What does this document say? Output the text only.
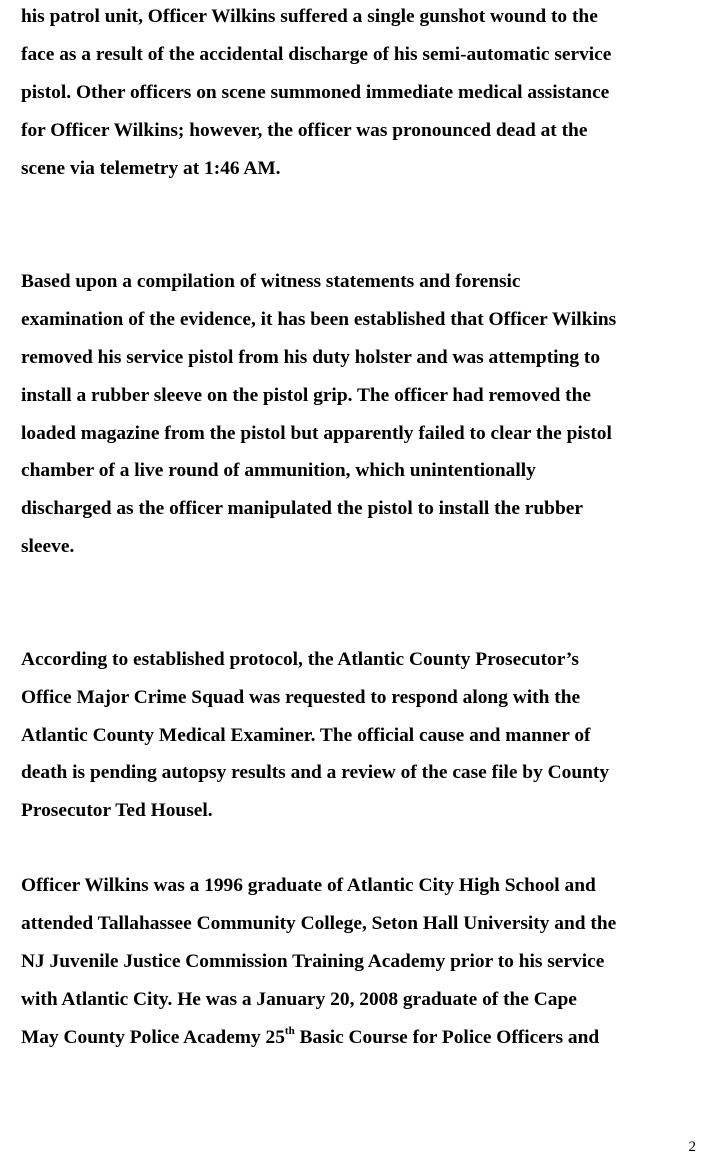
his patrol unit, Officer Wilkins suffered a single gunshot wound to the
face as a result of the accidental discharge of his semi-automatic service
pistol. Other officers on scene summoned immediate medical assistance
for Officer Wilkins; however, the officer was pronounced dead at the
scene via telemetry at 1:46 AM.
Based upon a compilation of witness statements and forensic
examination of the evidence, it has been established that Officer Wilkins
removed his service pistol from his duty holster and was attempting to
install a rubber sleeve on the pistol grip. The officer had removed the
loaded magazine from the pistol but apparently failed to clear the pistol
chamber of a live round of ammunition, which unintentionally
discharged as the officer manipulated the pistol to install the rubber
sleeve.
According to established protocol, the Atlantic County Prosecutor’s
Office Major Crime Squad was requested to respond along with the
Atlantic County Medical Examiner. The official cause and manner of
death is pending autopsy results and a review of the case file by County
Prosecutor Ted Housel.
Officer Wilkins was a 1996 graduate of Atlantic City High School and
attended Tallahassee Community College, Seton Hall University and the
NJ Juvenile Justice Commission Training Academy prior to his service
with Atlantic City. He was a January 20, 2008 graduate of the Cape
May County Police Academy 25th Basic Course for Police Officers and
2
